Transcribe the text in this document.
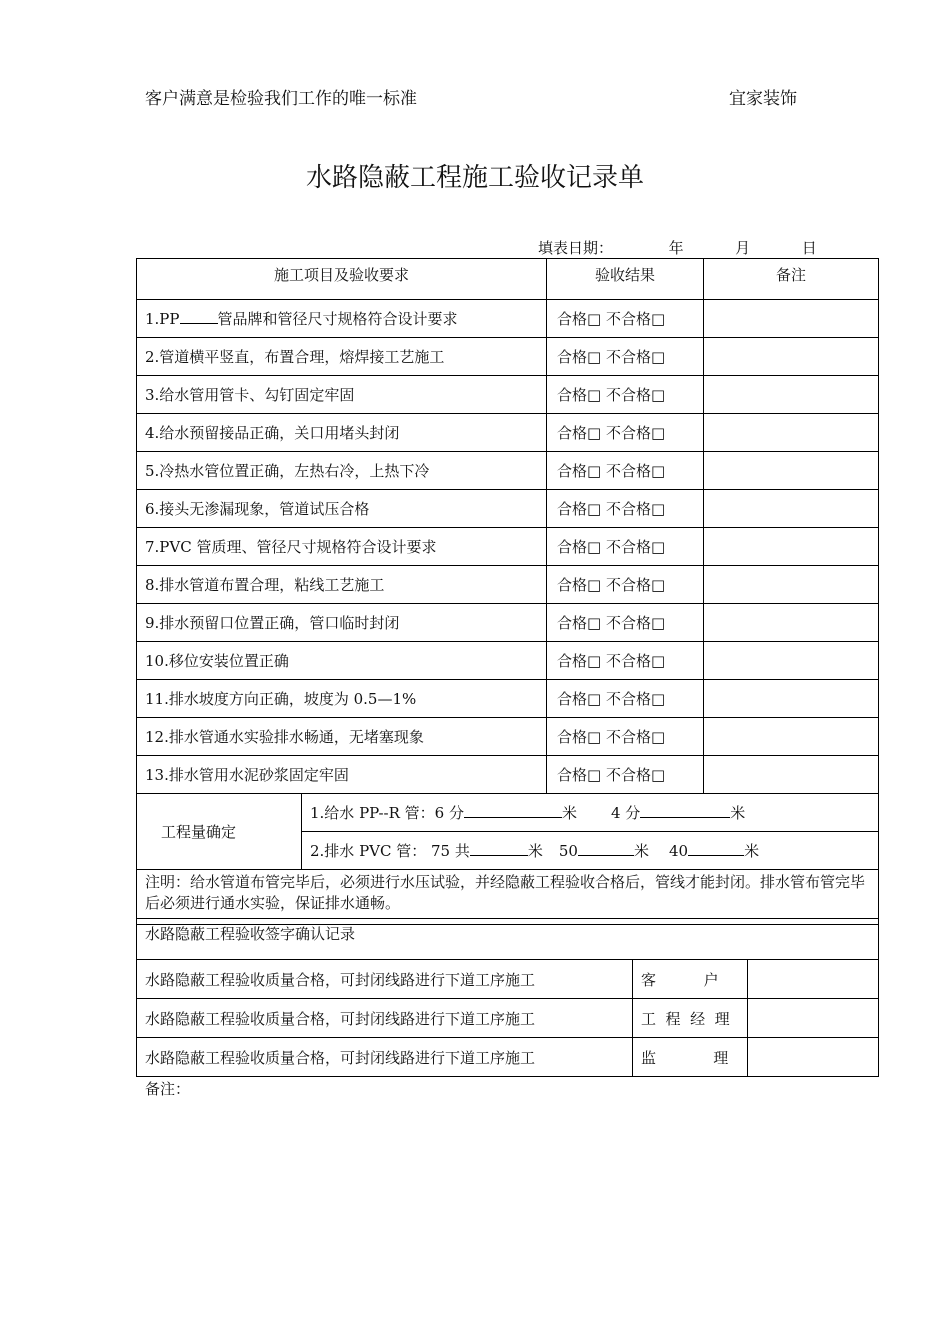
客户满意是检验我们工作的唯一标准	宜家装饰
水路隐蔽工程施工验收记录单
填表日期：	年	月	日
施工项目及验收要求		验收结果	备注
1.PP 管品牌和管径尺寸规格符合设计要求		合格□ 不合格□	
2.管道横平竖直，布置合理，熔焊接工艺施工		合格□ 不合格□	
3.给水管用管卡、勾钉固定牢固		合格□ 不合格□	
4.给水预留接品正确，关口用堵头封闭		合格□ 不合格□	
5.冷热水管位置正确，左热右冷，上热下冷		合格□ 不合格□	
6.接头无渗漏现象，管道试压合格		合格□ 不合格□	
7.PVC 管质理、管径尺寸规格符合设计要求		合格□ 不合格□	
8.排水管道布置合理，粘线工艺施工		合格□ 不合格□	
9.排水预留口位置正确，管口临时封闭		合格□ 不合格□	
10.移位安装位置正确		合格□ 不合格□	
11.排水坡度方向正确，坡度为 0.5—1%		合格□ 不合格□	
12.排水管通水实验排水畅通，无堵塞现象		合格□ 不合格□	
13.排水管用水泥砂浆固定牢固		合格□ 不合格□	
工程量确定	1.给水 PP--R 管：6 分 米 4 分 米		
	2.排水 PVC 管： 75 共 米 50 米 40 米		
注明：给水管道布管完毕后，必须进行水压试验，并经隐蔽工程验收合格后，管线才能封闭。排水管布管完毕后必须进行通水实验，保证排水通畅。			
水路隐蔽工程验收签字确认记录		
水路隐蔽工程验收质量合格，可封闭线路进行下道工序施工	客          户	
水路隐蔽工程验收质量合格，可封闭线路进行下道工序施工	工  程  经  理	
水路隐蔽工程验收质量合格，可封闭线路进行下道工序施工	监            理	
备注：
